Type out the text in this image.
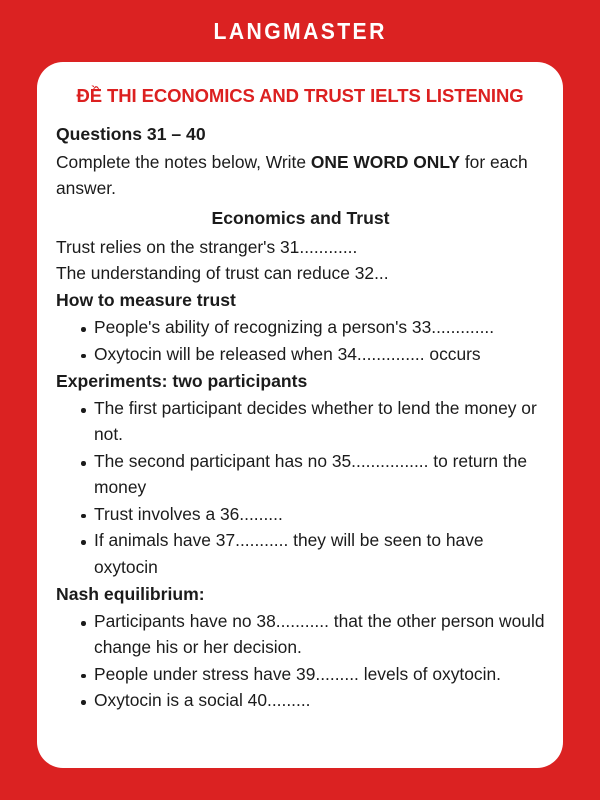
LANGMASTER
ĐỀ THI ECONOMICS AND TRUST IELTS LISTENING

Questions 31 – 40

Complete the notes below, Write ONE WORD ONLY for each answer.

Economics and Trust

Trust relies on the stranger's 31............

The understanding of trust can reduce 32...

How to measure trust

People's ability of recognizing a person's 33.............
Oxytocin will be released when 34.............. occurs

Experiments: two participants

The first participant decides whether to lend the money or not.
The second participant has no 35................ to return the money
Trust involves a 36.........
If animals have 37........... they will be seen to have oxytocin

Nash equilibrium:

Participants have no 38........... that the other person would change his or her decision.
People under stress have 39......... levels of oxytocin.
Oxytocin is a social 40.........
